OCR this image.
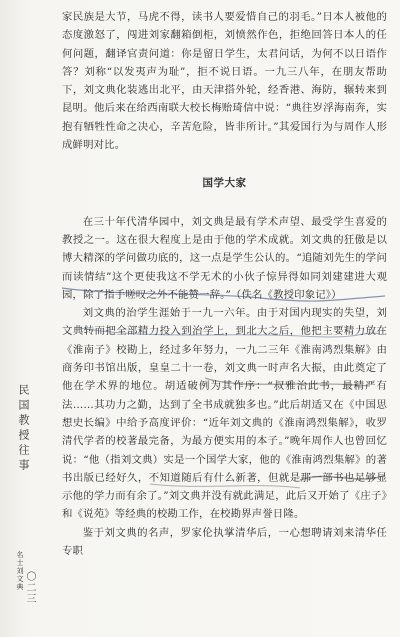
家民族是大节，马虎不得，读书人要爱惜自己的羽毛。”日本人被他的态度激怒了，闯进刘家翻箱倒柜，刘愤然作色，拒绝回答日本人的任何问题，翻译官责问道：你是留日学生，太君问话，为何不以日语作答？刘称“以发夷声为耻”，拒不说日语。一九三八年，在朋友帮助下，刘文典化装逃出北平，由天津搭外轮，经香港、海防，辗转来到昆明。他后来在给西南联大校长梅贻琦信中说：“典往岁浮海南奔，实抱有牺牲性命之决心，辛苦危险，皆非所计。”其爱国行为与周作人形成鲜明对比。

国学大家

在三十年代清华园中，刘文典是最有学术声望、最受学生喜爱的教授之一。这在很大程度上是由于他的学术成就。刘文典的狂傲是以博大精深的学问做功底的，这一点是学生公认的。“追随刘先生的学问而读情结”这个更使我这不学无术的小伙子惊异得如同刘建建进大观园，除了指手嗟叹之外不能赞一辞。”（佚名《教授印象记》）

刘文典的治学生涯始于一九一六年。由于对国内现实的失望，刘文典转而把全部精力投入到治学上，到北大之后，他把主要精力放在《淮南子》校勘上，经过多年努力，一九二三年《淮南鸿烈集解》由商务印书馆出版，皇皇二十一卷，刘文典一时声名大振，由此奠定了他在学术界的地位。胡适破例为其作序：“叔雅治此书，最精严有法……其功力之勤，达到了全书成就独多也。”此后胡适又在《中国思想史长编》中给予高度评价：“近年刘文典的《淮南鸿烈集解》，收罗清代学者的校著最完备，为最方便实用的本子。”晚年周作人也曾回忆说：“他（指刘文典）实是一个国学大家，他的《淮南鸿烈集解》的著书出版已经好久，不知道随后有什么新著，但就是那一部书也足够显示他的学力而有余了。”刘文典并没有就此满足，此后又开始了《庄子》和《说苑》等经典的校勘工作，在校勘界声誉日隆。

鉴于刘文典的名声，罗家伦执掌清华后，一心想聘请刘来清华任专职

民国教授往事
名士刘文典 〇二三
